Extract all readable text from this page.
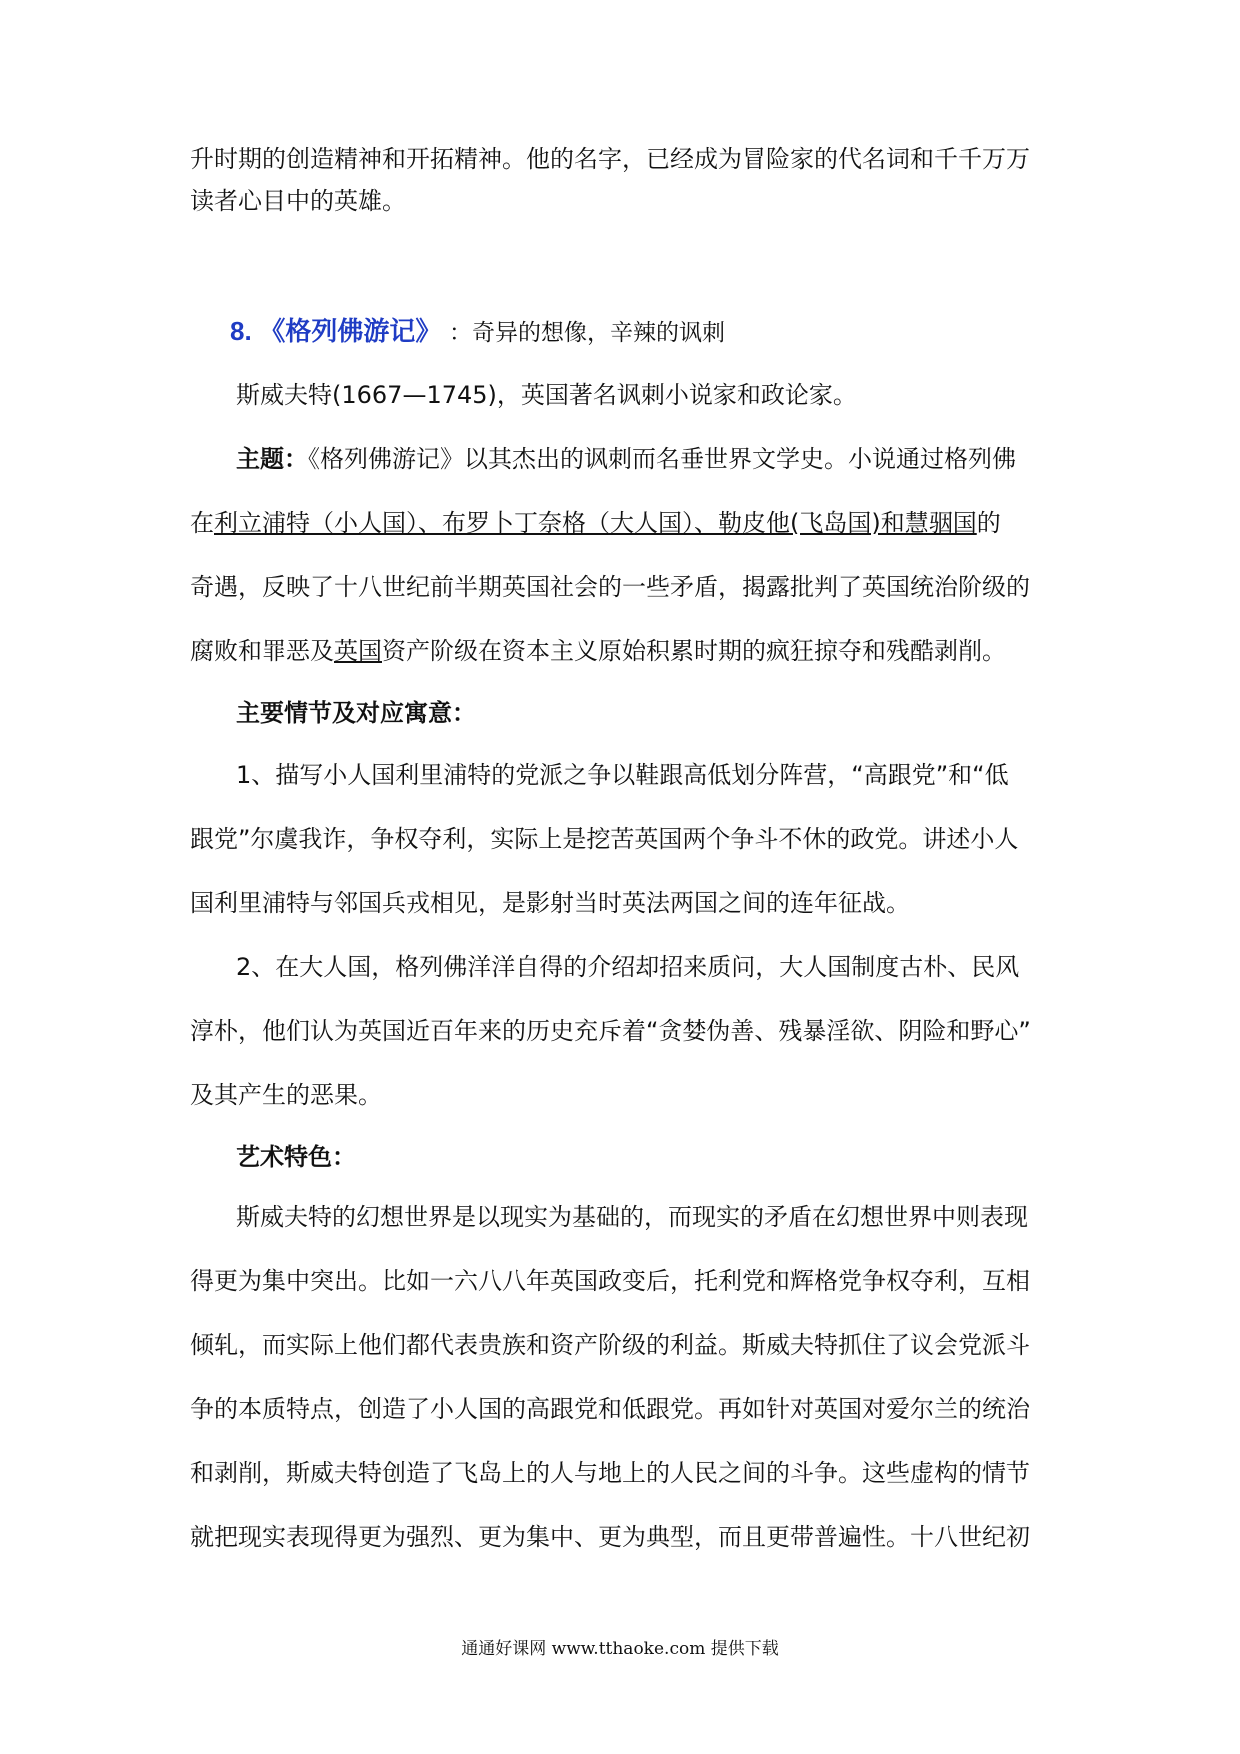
升时期的创造精神和开拓精神。他的名字，已经成为冒险家的代名词和千千万万
读者心目中的英雄。
8. 《格列佛游记》 ：奇异的想像，辛辣的讽刺
斯威夫特(1667—1745)，英国著名讽刺小说家和政论家。
主题：《格列佛游记》以其杰出的讽刺而名垂世界文学史。小说通过格列佛
在利立浦特（小人国）、布罗卜丁奈格（大人国）、勒皮他(飞岛国)和慧骃国的
奇遇，反映了十八世纪前半期英国社会的一些矛盾，揭露批判了英国统治阶级的
腐败和罪恶及英国资产阶级在资本主义原始积累时期的疯狂掠夺和残酷剥削。
主要情节及对应寓意：
1、描写小人国利里浦特的党派之争以鞋跟高低划分阵营，“高跟党”和“低
跟党”尔虞我诈，争权夺利，实际上是挖苦英国两个争斗不休的政党。讲述小人
国利里浦特与邻国兵戎相见，是影射当时英法两国之间的连年征战。
2、在大人国，格列佛洋洋自得的介绍却招来质问，大人国制度古朴、民风
淳朴，他们认为英国近百年来的历史充斥着“贪婪伪善、残暴淫欲、阴险和野心”
及其产生的恶果。
艺术特色：
斯威夫特的幻想世界是以现实为基础的，而现实的矛盾在幻想世界中则表现
得更为集中突出。比如一六八八年英国政变后，托利党和辉格党争权夺利，互相
倾轧，而实际上他们都代表贵族和资产阶级的利益。斯威夫特抓住了议会党派斗
争的本质特点，创造了小人国的高跟党和低跟党。再如针对英国对爱尔兰的统治
和剥削，斯威夫特创造了飞岛上的人与地上的人民之间的斗争。这些虚构的情节
就把现实表现得更为强烈、更为集中、更为典型，而且更带普遍性。十八世纪初
通通好课网 www.tthaoke.com 提供下载
